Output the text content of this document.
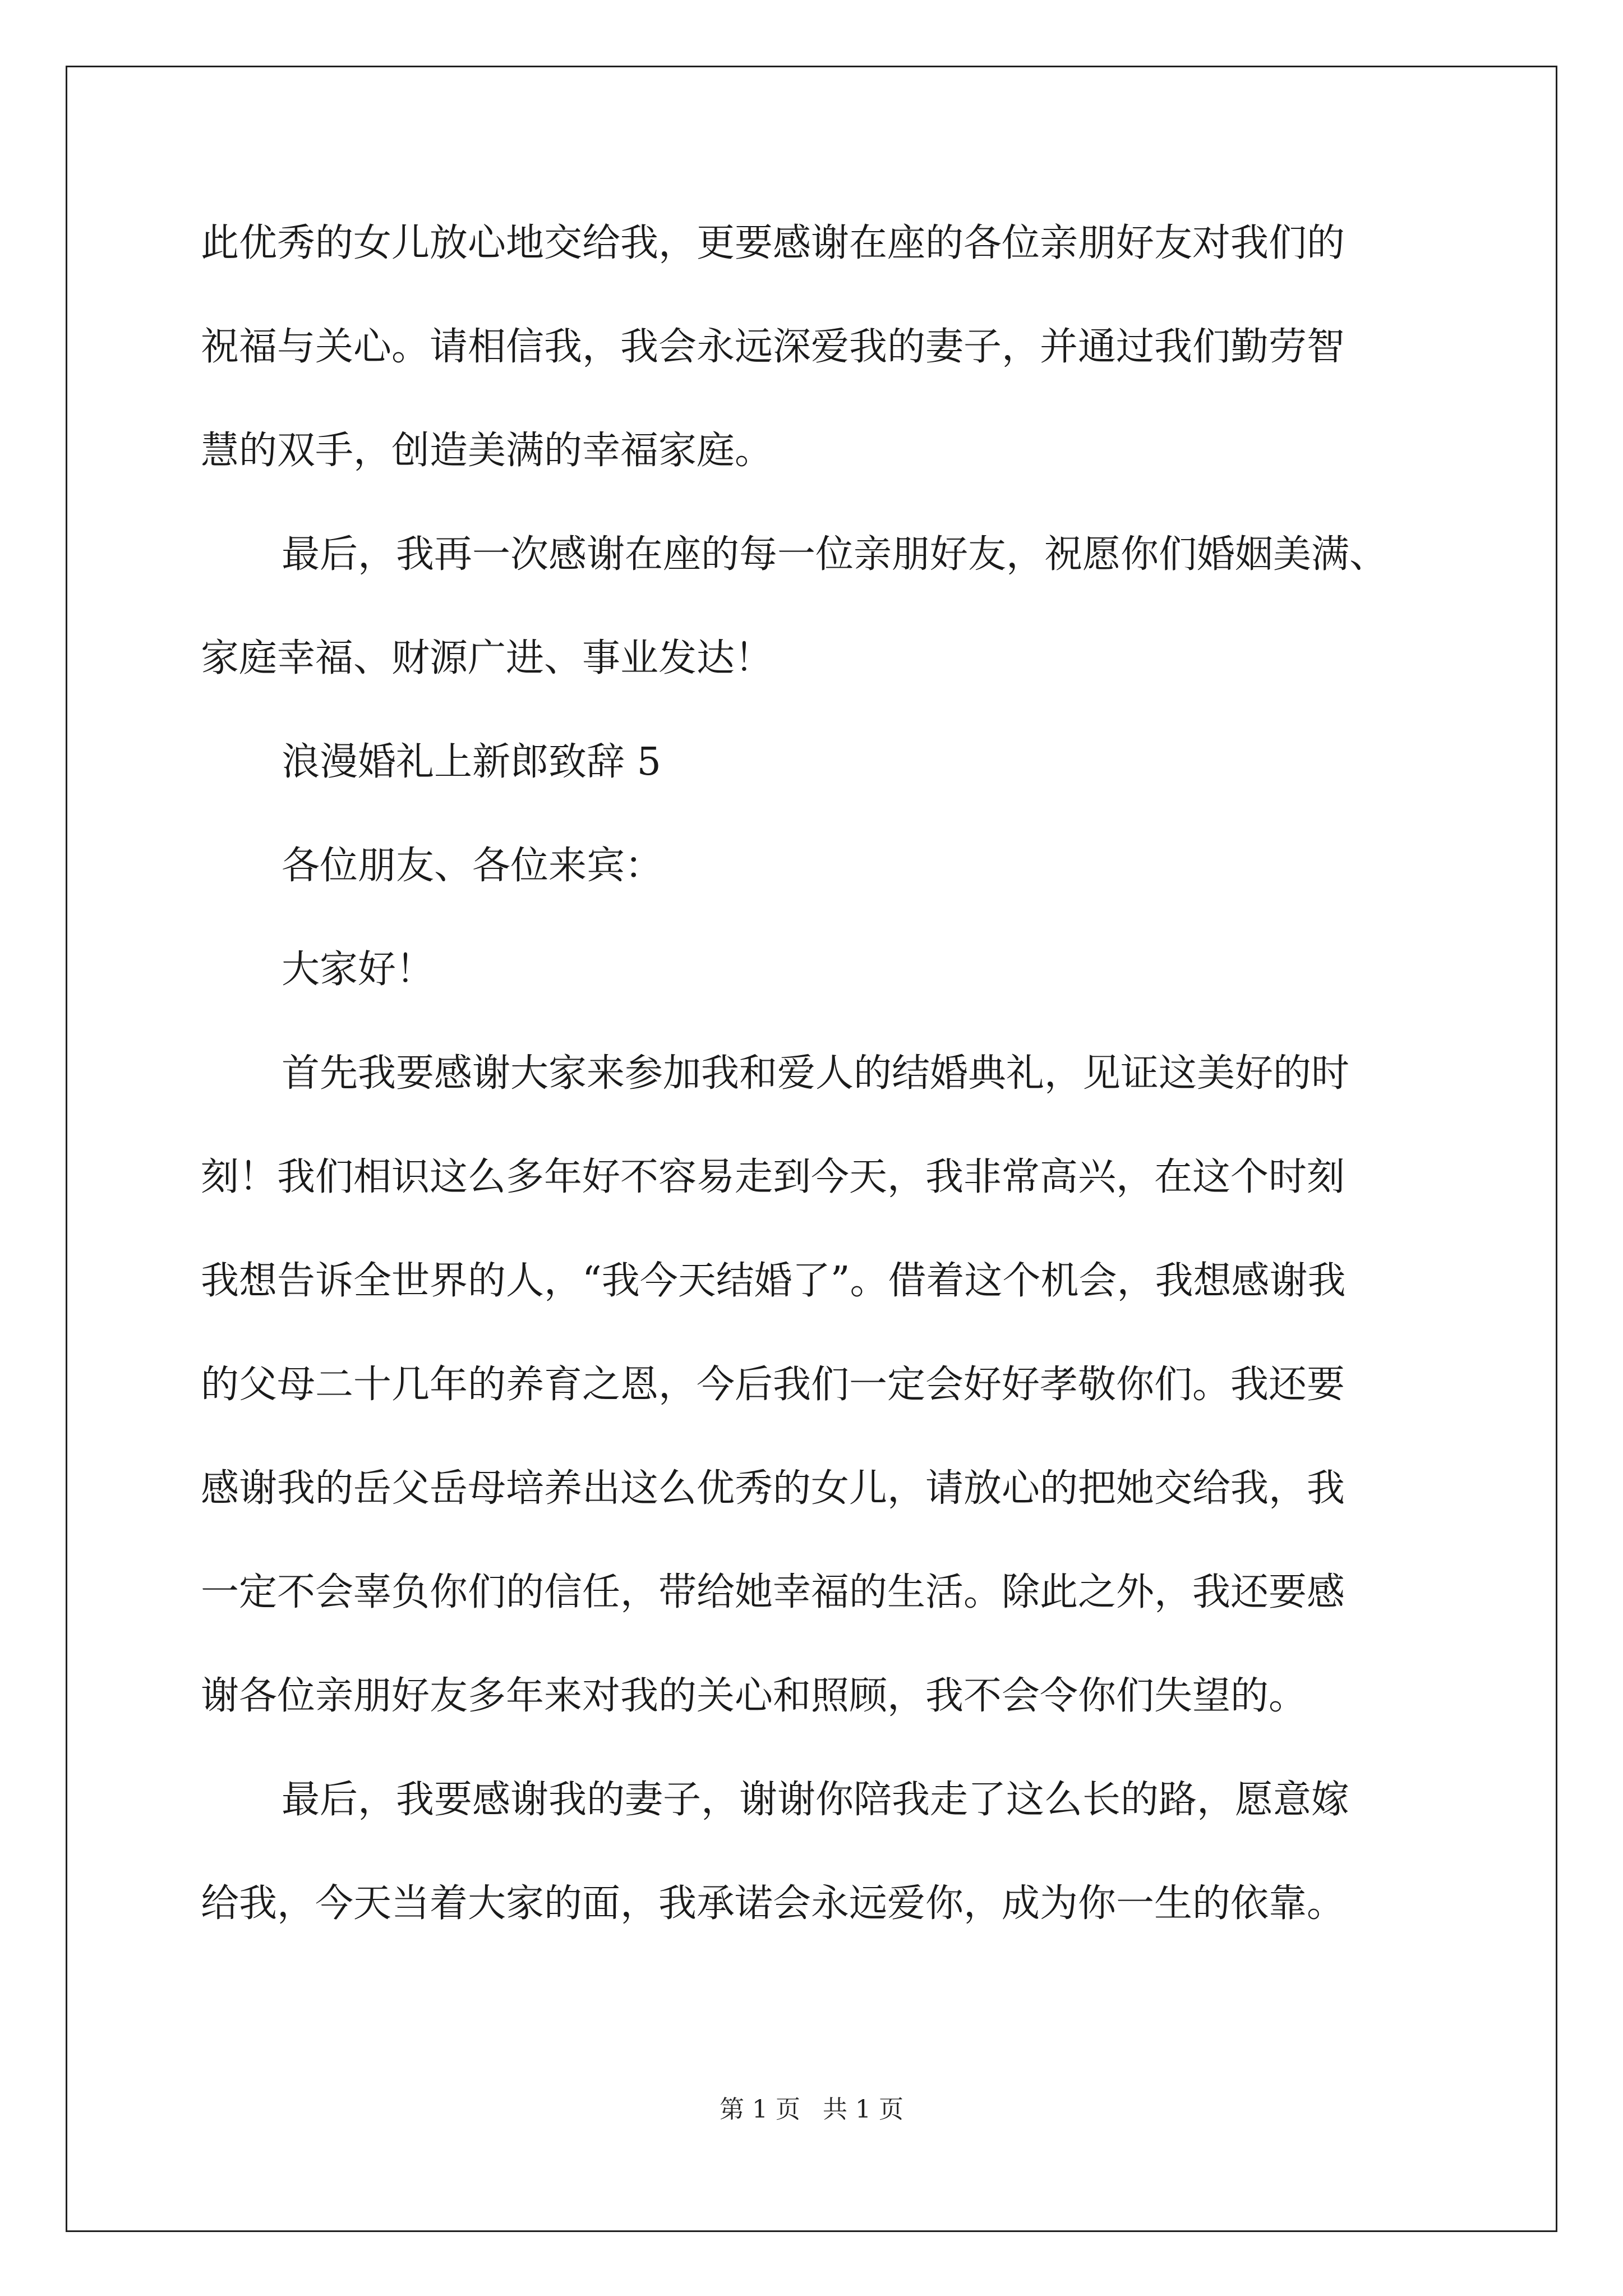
此优秀的女儿放心地交给我，更要感谢在座的各位亲朋好友对我们的

祝福与关心。请相信我，我会永远深爱我的妻子，并通过我们勤劳智

慧的双手，创造美满的幸福家庭。

最后，我再一次感谢在座的每一位亲朋好友，祝愿你们婚姻美满、

家庭幸福、财源广进、事业发达！

浪漫婚礼上新郎致辞 5

各位朋友、各位来宾：

大家好！

首先我要感谢大家来参加我和爱人的结婚典礼，见证这美好的时

刻！我们相识这么多年好不容易走到今天，我非常高兴，在这个时刻

我想告诉全世界的人，“我今天结婚了”。借着这个机会，我想感谢我

的父母二十几年的养育之恩，今后我们一定会好好孝敬你们。我还要

感谢我的岳父岳母培养出这么优秀的女儿，请放心的把她交给我，我

一定不会辜负你们的信任，带给她幸福的生活。除此之外，我还要感

谢各位亲朋好友多年来对我的关心和照顾，我不会令你们失望的。

最后，我要感谢我的妻子，谢谢你陪我走了这么长的路，愿意嫁

给我，今天当着大家的面，我承诺会永远爱你，成为你一生的依靠。

第 1 页 共 1 页
